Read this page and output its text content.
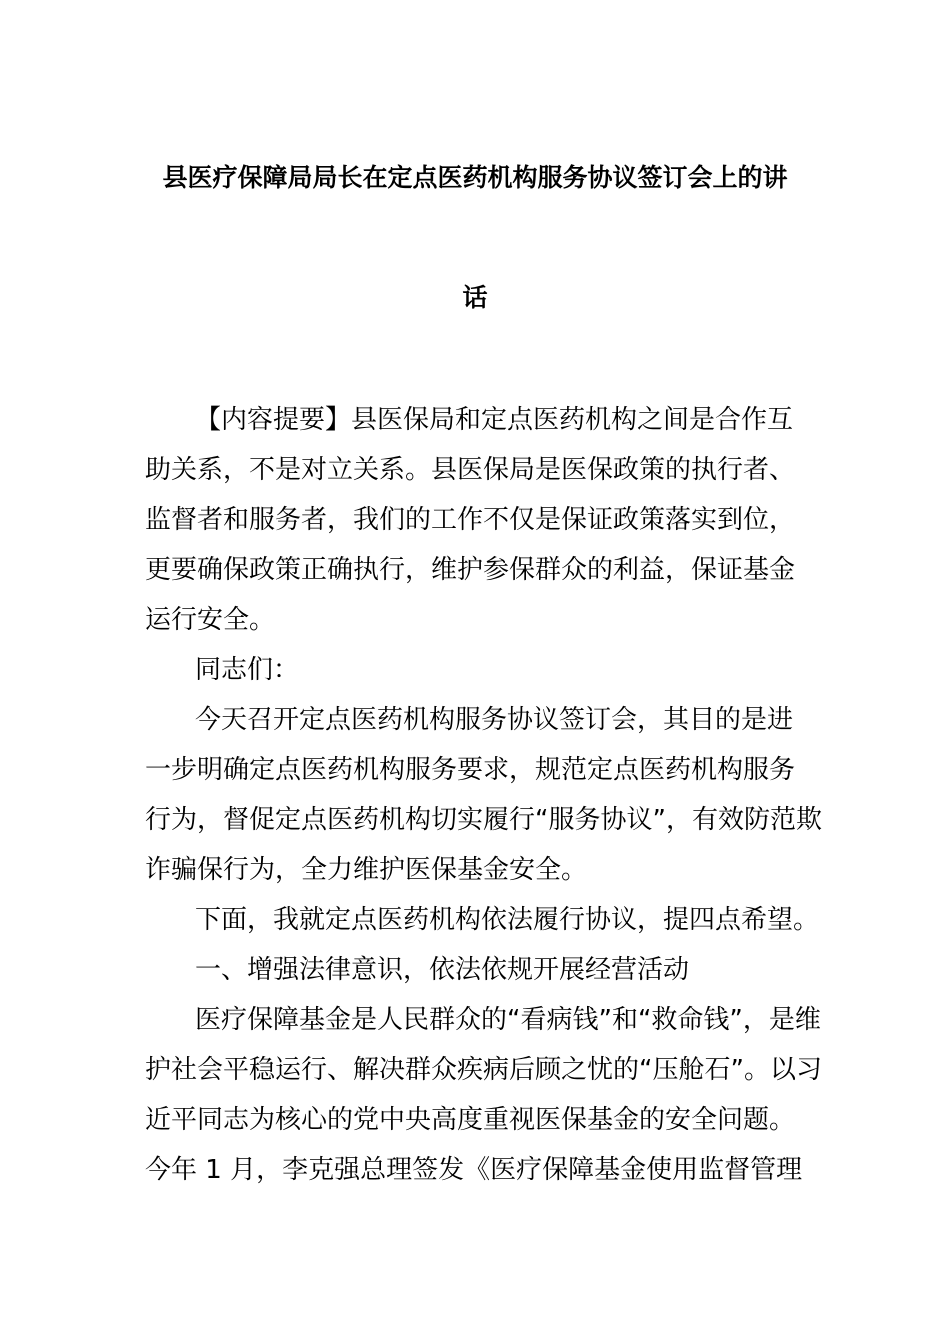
县医疗保障局局长在定点医药机构服务协议签订会上的讲
话
【内容提要】县医保局和定点医药机构之间是合作互
助关系，不是对立关系。县医保局是医保政策的执行者、
监督者和服务者，我们的工作不仅是保证政策落实到位，
更要确保政策正确执行，维护参保群众的利益，保证基金
运行安全。
同志们：
今天召开定点医药机构服务协议签订会，其目的是进
一步明确定点医药机构服务要求，规范定点医药机构服务
行为，督促定点医药机构切实履行“服务协议”，有效防范欺
诈骗保行为，全力维护医保基金安全。
下面，我就定点医药机构依法履行协议，提四点希望。
一、增强法律意识，依法依规开展经营活动
医疗保障基金是人民群众的“看病钱”和“救命钱”，是维
护社会平稳运行、解决群众疾病后顾之忧的“压舱石”。以习
近平同志为核心的党中央高度重视医保基金的安全问题。
今年 1 月，李克强总理签发《医疗保障基金使用监督管理
